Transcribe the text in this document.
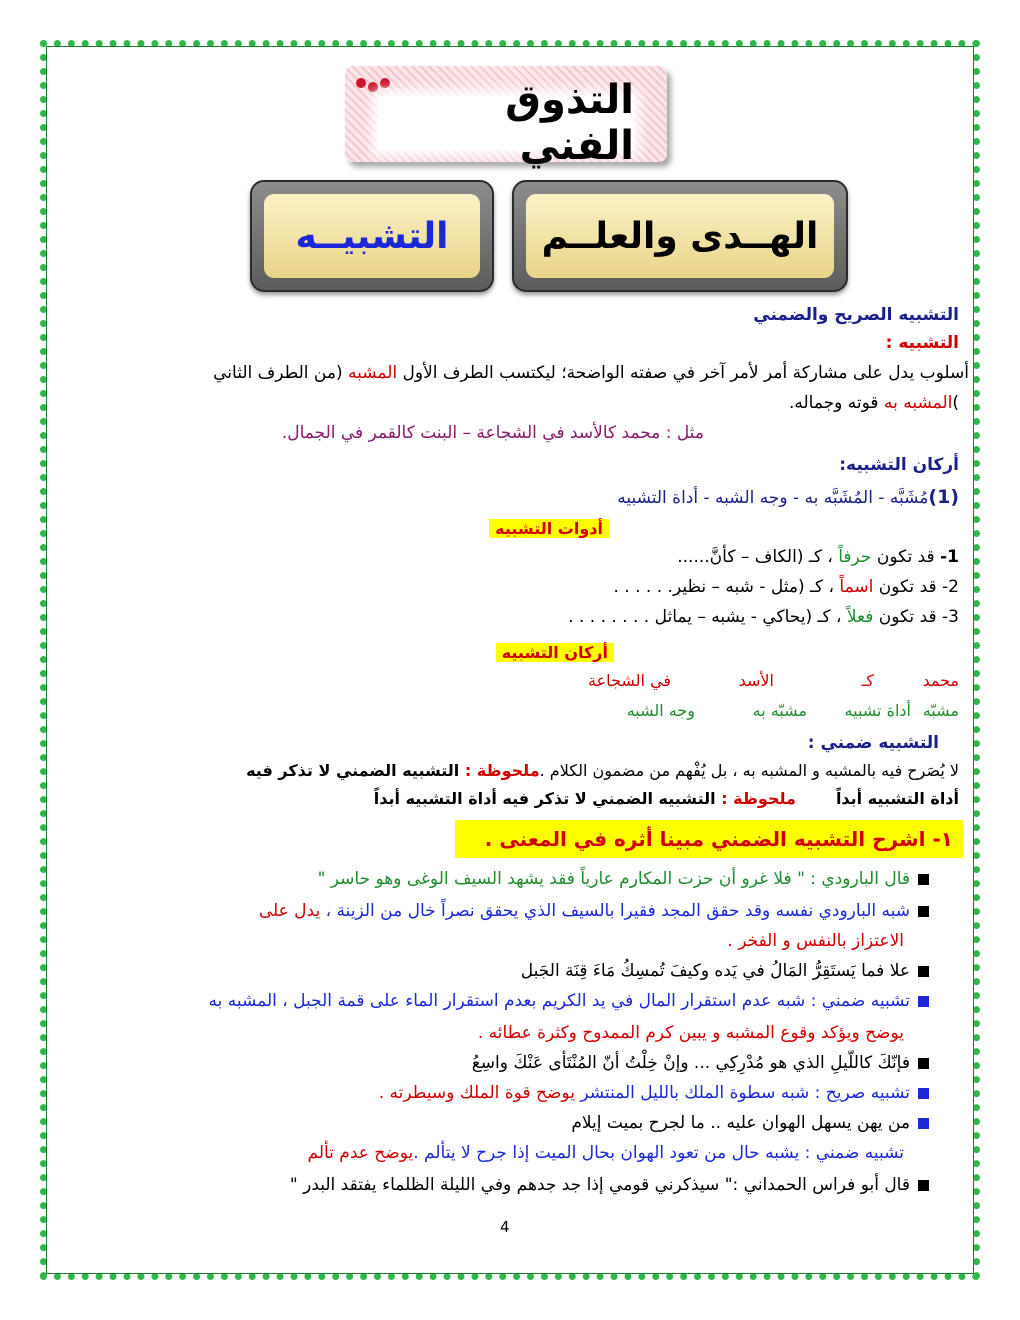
التذوق الفني
التشبيــه	الهــدى والعلــم
التشبيه الصريح والضمني
التشبيه :
أسلوب يدل على مشاركة أمر لأمر آخر في صفته الواضحة؛ ليكتسب الطرف الأول المشبه (من الطرف الثاني
)المشبه به قوته وجماله.
مثل : محمد كالأسد في الشجاعة – البنت كالقمر في الجمال.
أركان التشبيه:
(1)مُشَبَّه - المُشَبَّه به - وجه الشبه - أداة التشبيه
أدوات التشبيه
1- قد تكون حرفاً ، كـ (الكاف – كأنَّ......
2- قد تكون اسماً ، كـ (مثل - شبه – نظير. . . . . .
3- قد تكون فعلاً ، كـ (يحاكي - يشبه – يماثل . . . . . . . .
أركان التشبيه
محمد
كـ
الأسد
في الشجاعة
مشبّه
أداة تشبيه
مشبّه به
وجه الشبه
التشبيه ضمني :
لا يُصَرح فيه بالمشبه و المشبه به ، بل يُفْهم من مضمون الكلام .ملحوظة : التشبيه الضمني لا تذكر فيه
أداة التشبيه أبداًملحوظة : التشبيه الضمني لا تذكر فيه أداة التشبيه أبداً
١- اشرح التشبيه الضمني مبينا أثره في المعنى .
قال البارودي : " فلا غرو أن حزت المكارم عارياً فقد يشهد السيف الوغى وهو حاسر "
شبه البارودي نفسه وقد حقق المجد فقيرا بالسيف الذي يحقق نصراً خال من الزينة ، يدل على
الاعتزاز بالنفس و الفخر .
علا فما يَستَقِرُّ المَالُ في يَده وكيفَ تُمسِكُ مَاءَ قِنَة الجَبل
تشبيه ضمني : شبه عدم استقرار المال في يد الكريم بعدم استقرار الماء على قمة الجبل ، المشبه به
يوضح ويؤكد وقوع المشبه و يبين كرم الممدوح وكثرة عطائه .
فإنّكَ كاللّيلِ الذي هو مُدْرِكِي ... وإنْ خِلْتُ أنّ المُنْتَأى عَنْكَ واسِعُ
تشبيه صريح : شبه سطوة الملك بالليل المنتشر يوضح قوة الملك وسيطرته .
من يهن يسهل الهوان عليه .. ما لجرح بميت إيلام
تشبيه ضمني : يشبه حال من تعود الهوان بحال الميت إذا جرح لا يتألم .يوضح عدم تألم
قال أبو فراس الحمداني :" سيذكرني قومي إذا جد جدهم وفي الليلة الظلماء يفتقد البدر "
4
